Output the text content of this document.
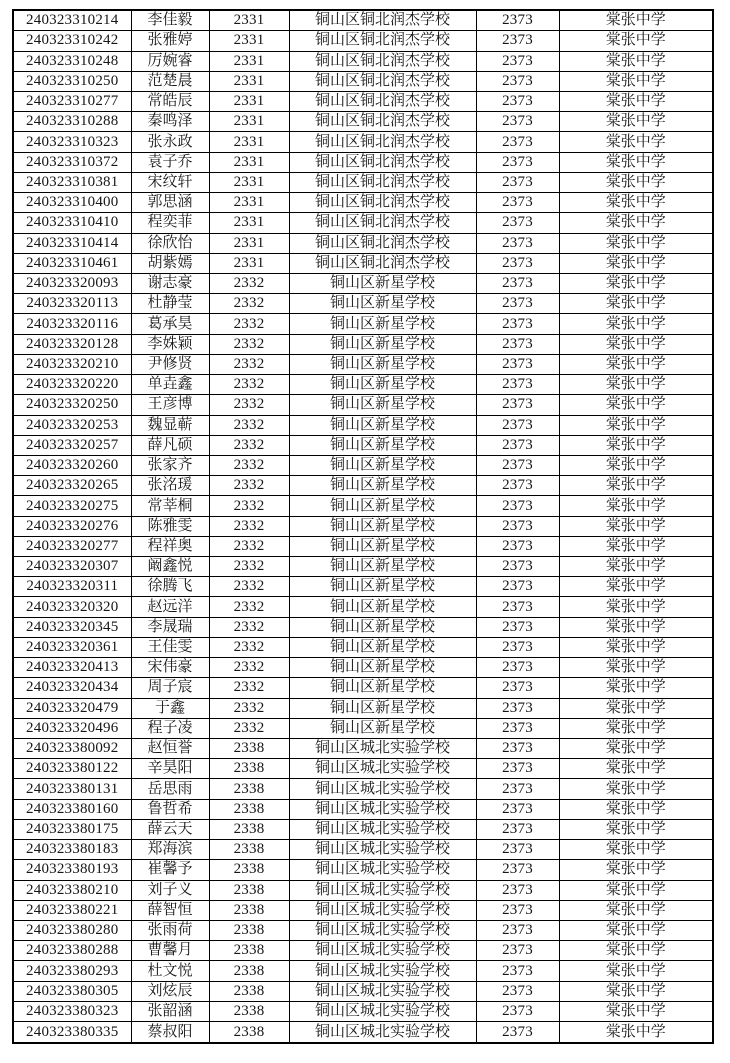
240323310214	李佳毅	2331	铜山区铜北润杰学校	2373	棠张中学
240323310242	张雅婷	2331	铜山区铜北润杰学校	2373	棠张中学
240323310248	厉婉睿	2331	铜山区铜北润杰学校	2373	棠张中学
240323310250	范楚晨	2331	铜山区铜北润杰学校	2373	棠张中学
240323310277	常皓辰	2331	铜山区铜北润杰学校	2373	棠张中学
240323310288	秦鸣泽	2331	铜山区铜北润杰学校	2373	棠张中学
240323310323	张永政	2331	铜山区铜北润杰学校	2373	棠张中学
240323310372	袁子乔	2331	铜山区铜北润杰学校	2373	棠张中学
240323310381	宋纹轩	2331	铜山区铜北润杰学校	2373	棠张中学
240323310400	郭思涵	2331	铜山区铜北润杰学校	2373	棠张中学
240323310410	程奕菲	2331	铜山区铜北润杰学校	2373	棠张中学
240323310414	徐欣怡	2331	铜山区铜北润杰学校	2373	棠张中学
240323310461	胡紫嫣	2331	铜山区铜北润杰学校	2373	棠张中学
240323320093	谢志豪	2332	铜山区新星学校	2373	棠张中学
240323320113	杜静莹	2332	铜山区新星学校	2373	棠张中学
240323320116	葛承昊	2332	铜山区新星学校	2373	棠张中学
240323320128	李姝颖	2332	铜山区新星学校	2373	棠张中学
240323320210	尹修贤	2332	铜山区新星学校	2373	棠张中学
240323320220	单垚鑫	2332	铜山区新星学校	2373	棠张中学
240323320250	王彦博	2332	铜山区新星学校	2373	棠张中学
240323320253	魏显蕲	2332	铜山区新星学校	2373	棠张中学
240323320257	薛凡硕	2332	铜山区新星学校	2373	棠张中学
240323320260	张家齐	2332	铜山区新星学校	2373	棠张中学
240323320265	张洺瑗	2332	铜山区新星学校	2373	棠张中学
240323320275	常莘桐	2332	铜山区新星学校	2373	棠张中学
240323320276	陈雅雯	2332	铜山区新星学校	2373	棠张中学
240323320277	程祥奥	2332	铜山区新星学校	2373	棠张中学
240323320307	阚鑫悦	2332	铜山区新星学校	2373	棠张中学
240323320311	徐腾飞	2332	铜山区新星学校	2373	棠张中学
240323320320	赵远洋	2332	铜山区新星学校	2373	棠张中学
240323320345	李晟瑞	2332	铜山区新星学校	2373	棠张中学
240323320361	王佳雯	2332	铜山区新星学校	2373	棠张中学
240323320413	宋伟豪	2332	铜山区新星学校	2373	棠张中学
240323320434	周子宸	2332	铜山区新星学校	2373	棠张中学
240323320479	于鑫	2332	铜山区新星学校	2373	棠张中学
240323320496	程子凌	2332	铜山区新星学校	2373	棠张中学
240323380092	赵恒誉	2338	铜山区城北实验学校	2373	棠张中学
240323380122	辛昊阳	2338	铜山区城北实验学校	2373	棠张中学
240323380131	岳思雨	2338	铜山区城北实验学校	2373	棠张中学
240323380160	鲁哲希	2338	铜山区城北实验学校	2373	棠张中学
240323380175	薛云天	2338	铜山区城北实验学校	2373	棠张中学
240323380183	郑海滨	2338	铜山区城北实验学校	2373	棠张中学
240323380193	崔馨予	2338	铜山区城北实验学校	2373	棠张中学
240323380210	刘子义	2338	铜山区城北实验学校	2373	棠张中学
240323380221	薛智恒	2338	铜山区城北实验学校	2373	棠张中学
240323380280	张雨荷	2338	铜山区城北实验学校	2373	棠张中学
240323380288	曹馨月	2338	铜山区城北实验学校	2373	棠张中学
240323380293	杜文悦	2338	铜山区城北实验学校	2373	棠张中学
240323380305	刘炫辰	2338	铜山区城北实验学校	2373	棠张中学
240323380323	张韶涵	2338	铜山区城北实验学校	2373	棠张中学
240323380335	蔡叔阳	2338	铜山区城北实验学校	2373	棠张中学
